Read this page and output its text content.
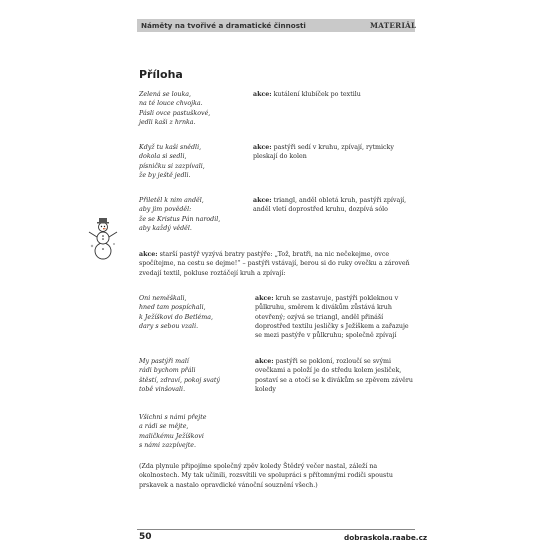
Náměty na tvořivé a dramatické činnosti	MATERIÁL
Příloha
Zelená se louka,
na té louce chvojka.
Pásli ovce pastuškové,
jedli kaši z hrnka.
akce: kutálení klubíček po textilu
Když tu kaši snědli,
dokola si sedli,
písničku si zazpívali,
že by ještě jedli.
akce: pastýři sedí v kruhu, zpívají, rytmicky pleskají do kolen
Přiletěl k nim anděl,
aby jim pověděl:
že se Kristus Pán narodil,
aby každý věděl.
akce: triangl, anděl obletá kruh, pastýři zpívají, anděl vletí doprostřed kruhu, dozpívá sólo
akce: starší pastýř vyzývá bratry pastýře: „Tož, bratři, na nic nečekejme, ovce spočítejme, na cestu se dejme!“ – pastýři vstávají, berou si do ruky ovečku a zároveň zvedají textil, pokluse roztáčejí kruh a zpívají:
Oni neměškali,
hned tam pospíchali,
k Ježíškovi do Betléma,
dary s sebou vzali.
akce: kruh se zastavuje, pastýři pokleknou v půlkruhu, směrem k divákům zůstává kruh otevřený; ozývá se triangl, anděl přináší doprostřed textilu jesličky s Ježíškem a zařazuje se mezi pastýře v půlkruhu; společně zpívají
My pastýři malí
rádi bychom přáli
štěstí, zdraví, pokoj svatý
tobě vinšovali.
akce: pastýři se pokloní, rozloučí se svými ovečkami a položí je do středu kolem jesliček, postaví se a otočí se k divákům se zpěvem závěru koledy
Všichni s námi přejte
a rádi se mějte,
maličkému Ježíškovi
s námi zazpívejte.
(Zda plynule připojíme společný zpěv koledy Štědrý večer nastal, záleží na okolnostech. My tak učinili, rozsvítili ve spolupráci s přítomnými rodiči spoustu prskavek a nastalo opravdické vánoční souznění všech.)
50	dobraskola.raabe.cz
